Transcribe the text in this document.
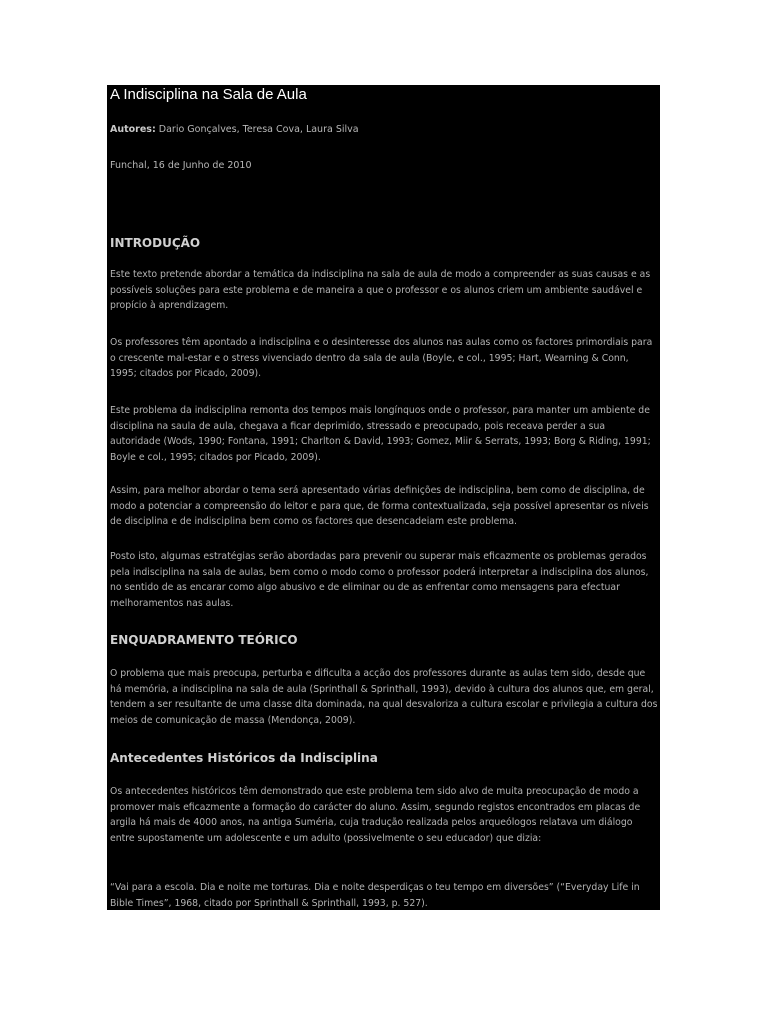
A Indisciplina na Sala de Aula
Autores: Dario Gonçalves, Teresa Cova, Laura Silva
Funchal, 16 de Junho de 2010
INTRODUÇÃO

Este texto pretende abordar a temática da indisciplina na sala de aula de modo a compreender as suas causas e as possíveis soluções para este problema e de maneira a que o professor e os alunos criem um ambiente saudável e propício à aprendizagem.

Os professores têm apontado a indisciplina e o desinteresse dos alunos nas aulas como os factores primordiais para o crescente mal-estar e o stress vivenciado dentro da sala de aula (Boyle, e col., 1995; Hart, Wearning & Conn, 1995; citados por Picado, 2009).

Este problema da indisciplina remonta dos tempos mais longínquos onde o professor, para manter um ambiente de disciplina na saula de aula, chegava a ficar deprimido, stressado e preocupado, pois receava perder a sua autoridade (Wods, 1990; Fontana, 1991; Charlton & David, 1993; Gomez, Miir & Serrats, 1993; Borg & Riding, 1991; Boyle e col., 1995; citados por Picado, 2009).

Assim, para melhor abordar o tema será apresentado várias definições de indisciplina, bem como de disciplina, de modo a potenciar a compreensão do leitor e para que, de forma contextualizada, seja possível apresentar os níveis de disciplina e de indisciplina bem como os factores que desencadeiam este problema.

Posto isto, algumas estratégias serão abordadas para prevenir ou superar mais eficazmente os problemas gerados pela indisciplina na sala de aulas, bem como o modo como o professor poderá interpretar a indisciplina dos alunos, no sentido de as encarar como algo abusivo e de eliminar ou de as enfrentar como mensagens para efectuar melhoramentos nas aulas.

ENQUADRAMENTO TEÓRICO

O problema que mais preocupa, perturba e dificulta a acção dos professores durante as aulas tem sido, desde que há memória, a indisciplina na sala de aula (Sprinthall & Sprinthall, 1993), devido à cultura dos alunos que, em geral, tendem a ser resultante de uma classe dita dominada, na qual desvaloriza a cultura escolar e privilegia a cultura dos meios de comunicação de massa (Mendonça, 2009).

Antecedentes Históricos da Indisciplina

Os antecedentes históricos têm demonstrado que este problema tem sido alvo de muita preocupação de modo a promover mais eficazmente a formação do carácter do aluno. Assim, segundo registos encontrados em placas de argila há mais de 4000 anos, na antiga Suméria, cuja tradução realizada pelos arqueólogos relatava um diálogo entre supostamente um adolescente e um adulto (possivelmente o seu educador) que dizia:

“Vai para a escola. Dia e noite me torturas. Dia e noite desperdiças o teu tempo em diversões” (“Everyday Life in Bible Times”, 1968, citado por Sprinthall & Sprinthall, 1993, p. 527).
